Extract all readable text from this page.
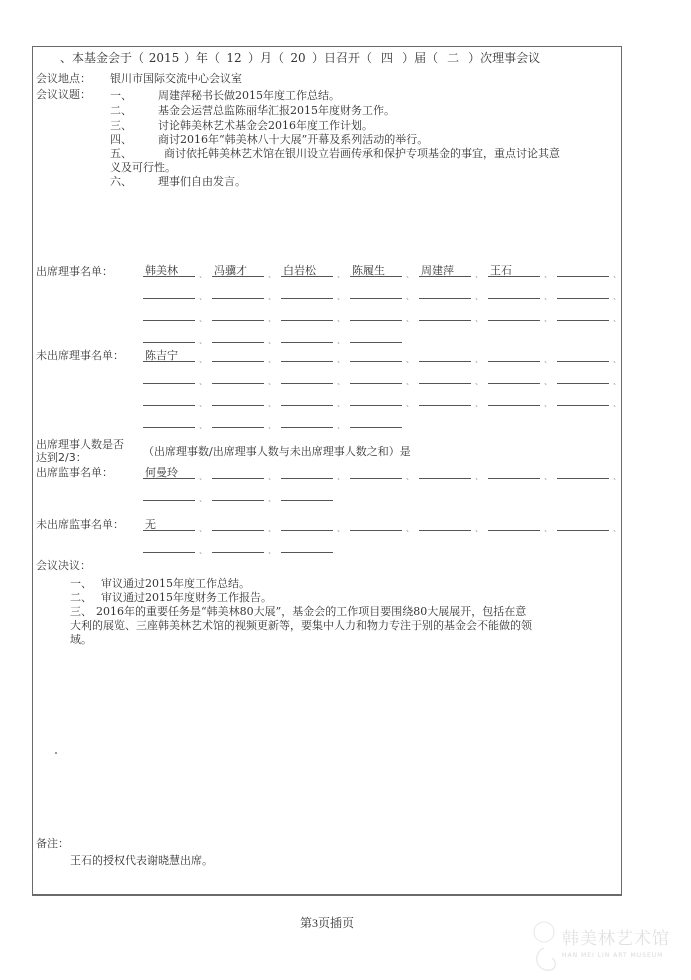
、本基金会于（ 2015 ）年（ 12 ）月（ 20 ）日召开（ 四 ）届（ 二 ）次理事会议
会议地点： 银川市国际交流中心会议室
会议议题： 一、 周建萍秘书长做2015年度工作总结。
二、 基金会运营总监陈丽华汇报2015年度财务工作。
三、 讨论韩美林艺术基金会2016年度工作计划。
四、 商讨2016年“韩美林八十大展”开幕及系列活动的举行。
五、	商讨依托韩美林艺术馆在银川设立岩画传承和保护专项基金的事宜，重点讨论其意
义及可行性。
六、 理事们自由发言。
出席理事名单：	韩美林	、 冯骥才	、 白岩松	、 陈履生	、 周建萍	、 王石	、	、
、	、	、	、	、	、	、
、	、	、	、	、	、	、
、	、	、
未出席理事名单： 陈吉宁	、	、	、	、	、	、	、
、	、	、	、	、	、	、
、	、	、	、	、	、	、
、	、	、
出席理事人数是否
达到2/3：	（出席理事数/出席理事人数与未出席理事人数之和）是
出席监事名单：	何曼玲	、	、	、	、	、	、	、
、	、
未出席监事名单： 无	、	、	、	、	、	、	、
、	、
会议决议：
一、 审议通过2015年度工作总结。
二、 审议通过2015年度财务工作报告。
三、 2016年的重要任务是“韩美林80大展”，基金会的工作项目要围绕80大展展开，包括在意
大利的展览、三座韩美林艺术馆的视频更新等，要集中人力和物力专注于别的基金会不能做的领
域。
备注：
王石的授权代表谢晓慧出席。
第3页插页
韩美林艺术馆
HAN MEI LIN ART MUSEUM
